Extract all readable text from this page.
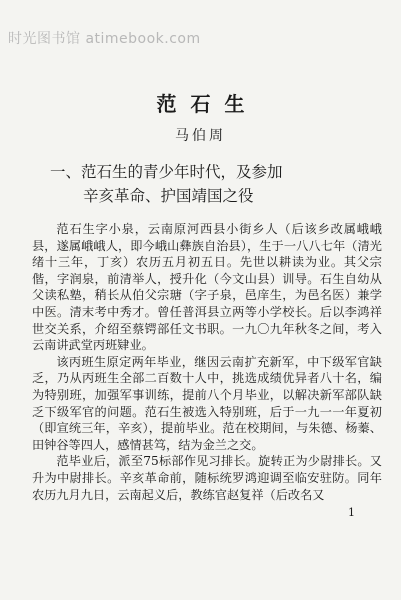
时光图书馆 atimebook.com
范石生
马伯周
一、范石生的青少年时代，及参加
辛亥革命、护国靖国之役

范石生字小泉，云南原河西县小街乡人（后该乡改属峨峨县，遂属峨峨人，即今峨山彝族自治县），生于一八八七年（清光绪十三年，丁亥）农历五月初五日。先世以耕读为业。其父宗偕，字润泉，前清举人，授升化（今文山县）训导。石生自幼从父读私塾，稍长从伯父宗瑭（字子泉，邑庠生，为邑名医）兼学中医。清末考中秀才。曾任普洱县立两等小学校长。后以李鸿祥世交关系，介绍至蔡锷部任文书职。一九〇九年秋冬之间，考入云南讲武堂丙班肄业。

该丙班生原定两年毕业，继因云南扩充新军，中下级军官缺乏，乃从丙班生全部二百数十人中，挑选成绩优异者八十名，编为特别班，加强军事训练，提前八个月毕业，以解决新军部队缺乏下级军官的问题。范石生被选入特别班，后于一九一一年夏初（即宣统三年，辛亥），提前毕业。范在校期间，与朱德、杨蓁、田钟谷等四人，感情甚笃，结为金兰之交。

范毕业后，派至75标部作见习排长。旋转正为少尉排长。又升为中尉排长。辛亥革命前，随标统罗鸿迎调至临安驻防。同年农历九月九日，云南起义后，教练官赵复祥（后改名又

1
